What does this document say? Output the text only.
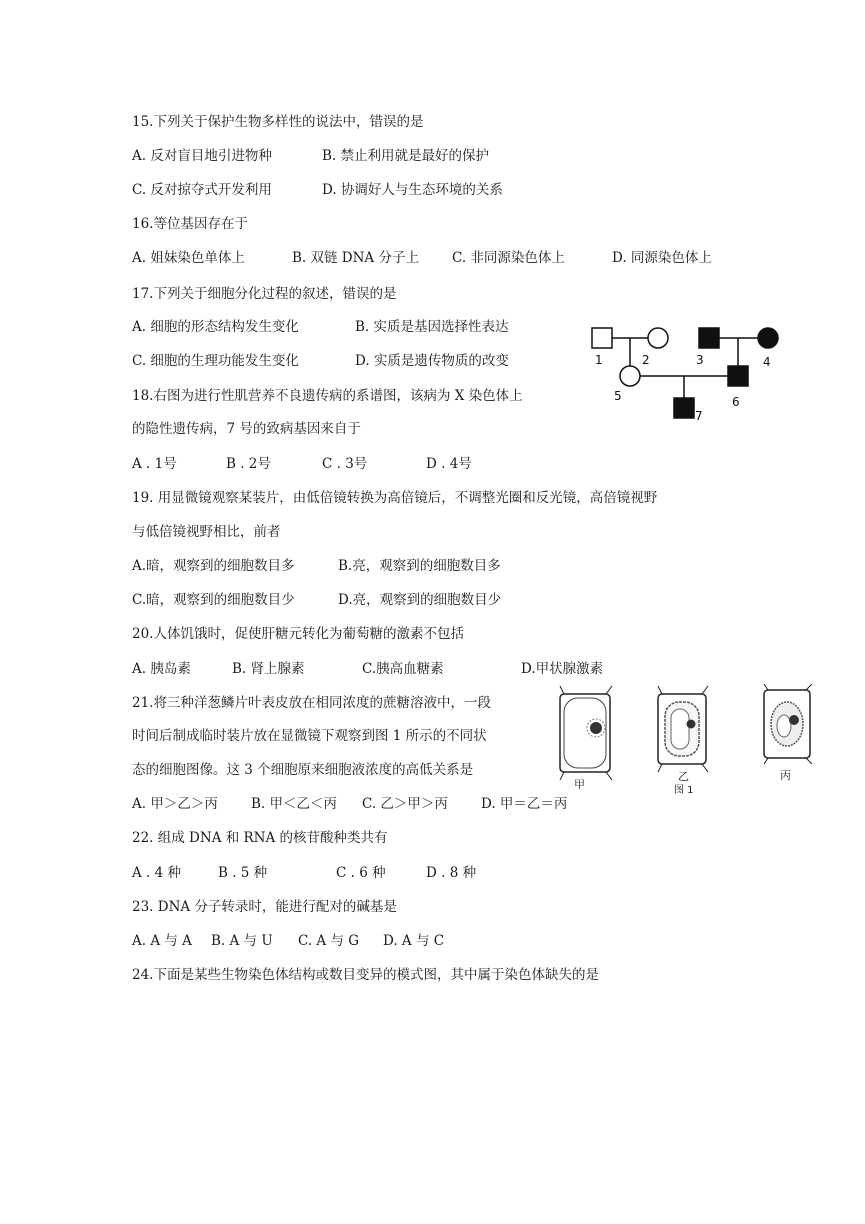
15.下列关于保护生物多样性的说法中，错误的是
A. 反对盲目地引进物种	B. 禁止利用就是最好的保护
C. 反对掠夺式开发利用	D. 协调好人与生态环境的关系
16.等位基因存在于
A. 姐妹染色单体上	B. 双链 DNA 分子上 C. 非同源染色体上	D. 同源染色体上
17.下列关于细胞分化过程的叙述，错误的是
A. 细胞的形态结构发生变化	B. 实质是基因选择性表达
C. 细胞的生理功能发生变化	D. 实质是遗传物质的改变	1	2	3	4
5	6
7
18.右图为进行性肌营养不良遗传病的系谱图，该病为 X 染色体上
的隐性遗传病，7 号的致病基因来自于
A . 1号	B . 2号	C . 3号	D . 4号
19. 用显微镜观察某装片，由低倍镜转换为高倍镜后，不调整光圈和反光镜，高倍镜视野
与低倍镜视野相比，前者
A.暗，观察到的细胞数目多	B.亮，观察到的细胞数目多
C.暗，观察到的细胞数目少	D.亮，观察到的细胞数目少
20.人体饥饿时，促使肝糖元转化为葡萄糖的激素不包括
A. 胰岛素	B. 肾上腺素	C.胰高血糖素	D.甲状腺激素
甲
乙
图 1
丙
21.将三种洋葱鳞片叶表皮放在相同浓度的蔗糖溶液中，一段
时间后制成临时装片放在显微镜下观察到图 1 所示的不同状
态的细胞图像。这 3 个细胞原来细胞液浓度的高低关系是
A. 甲＞乙＞丙 B. 甲＜乙＜丙 C. 乙＞甲＞丙 D. 甲＝乙＝丙
22. 组成 DNA 和 RNA 的核苷酸种类共有
A . 4 种	B . 5 种	C . 6 种	D . 8 种
23. DNA 分子转录时，能进行配对的碱基是
A. A 与 A B. A 与 U C. A 与 G D. A 与 C
24.下面是某些生物染色体结构或数目变异的模式图，其中属于染色体缺失的是
